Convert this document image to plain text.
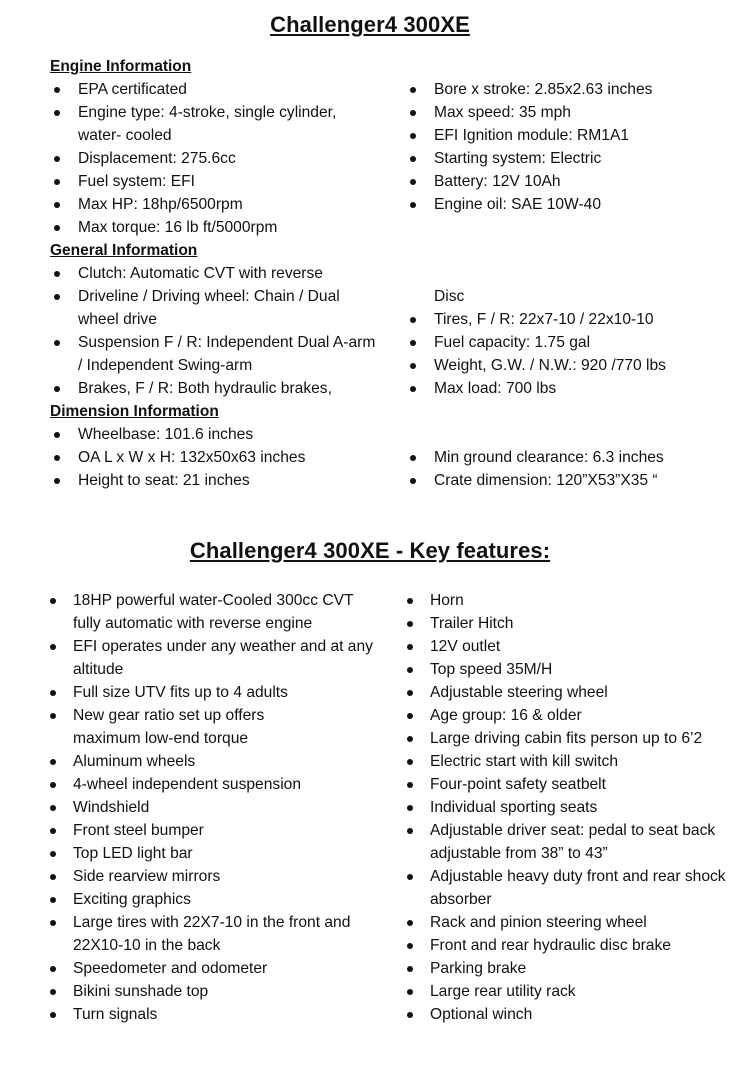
Challenger4 300XE
Engine Information
EPA certificated
Engine type: 4-stroke, single cylinder, water- cooled
Displacement: 275.6cc
Fuel system: EFI
Max HP: 18hp/6500rpm
Max torque: 16 lb ft/5000rpm
General Information
Clutch: Automatic CVT with reverse
Driveline / Driving wheel: Chain / Dual wheel drive
Suspension F / R: Independent Dual A-arm / Independent Swing-arm
Brakes, F / R: Both hydraulic brakes,
Dimension Information
Wheelbase: 101.6 inches
OA L x W x H: 132x50x63 inches
Height to seat: 21 inches
Bore x stroke: 2.85x2.63 inches
Max speed: 35 mph
EFI Ignition module: RM1A1
Starting system: Electric
Battery: 12V 10Ah
Engine oil: SAE 10W-40
Disc
Tires, F / R: 22x7-10 / 22x10-10
Fuel capacity: 1.75 gal
Weight, G.W. / N.W.: 920 /770 lbs
Max load: 700 lbs
Min ground clearance: 6.3 inches
Crate dimension: 120”X53”X35 “
Challenger4 300XE - Key features:
18HP powerful water-Cooled 300cc CVT fully automatic with reverse engine
EFI operates under any weather and at any altitude
Full size UTV fits up to 4 adults
New gear ratio set up offers maximum low-end torque
Aluminum wheels
4-wheel independent suspension
Windshield
Front steel bumper
Top LED light bar
Side rearview mirrors
Exciting graphics
Large tires with 22X7-10 in the front and 22X10-10 in the back
Speedometer and odometer
Bikini sunshade top
Turn signals
Horn
Trailer Hitch
12V outlet
Top speed 35M/H
Adjustable steering wheel
Age group: 16 & older
Large driving cabin fits person up to 6’2
Electric start with kill switch
Four-point safety seatbelt
Individual sporting seats
Adjustable driver seat: pedal to seat back adjustable from 38” to 43”
Adjustable heavy duty front and rear shock absorber
Rack and pinion steering wheel
Front and rear hydraulic disc brake
Parking brake
Large rear utility rack
Optional winch
